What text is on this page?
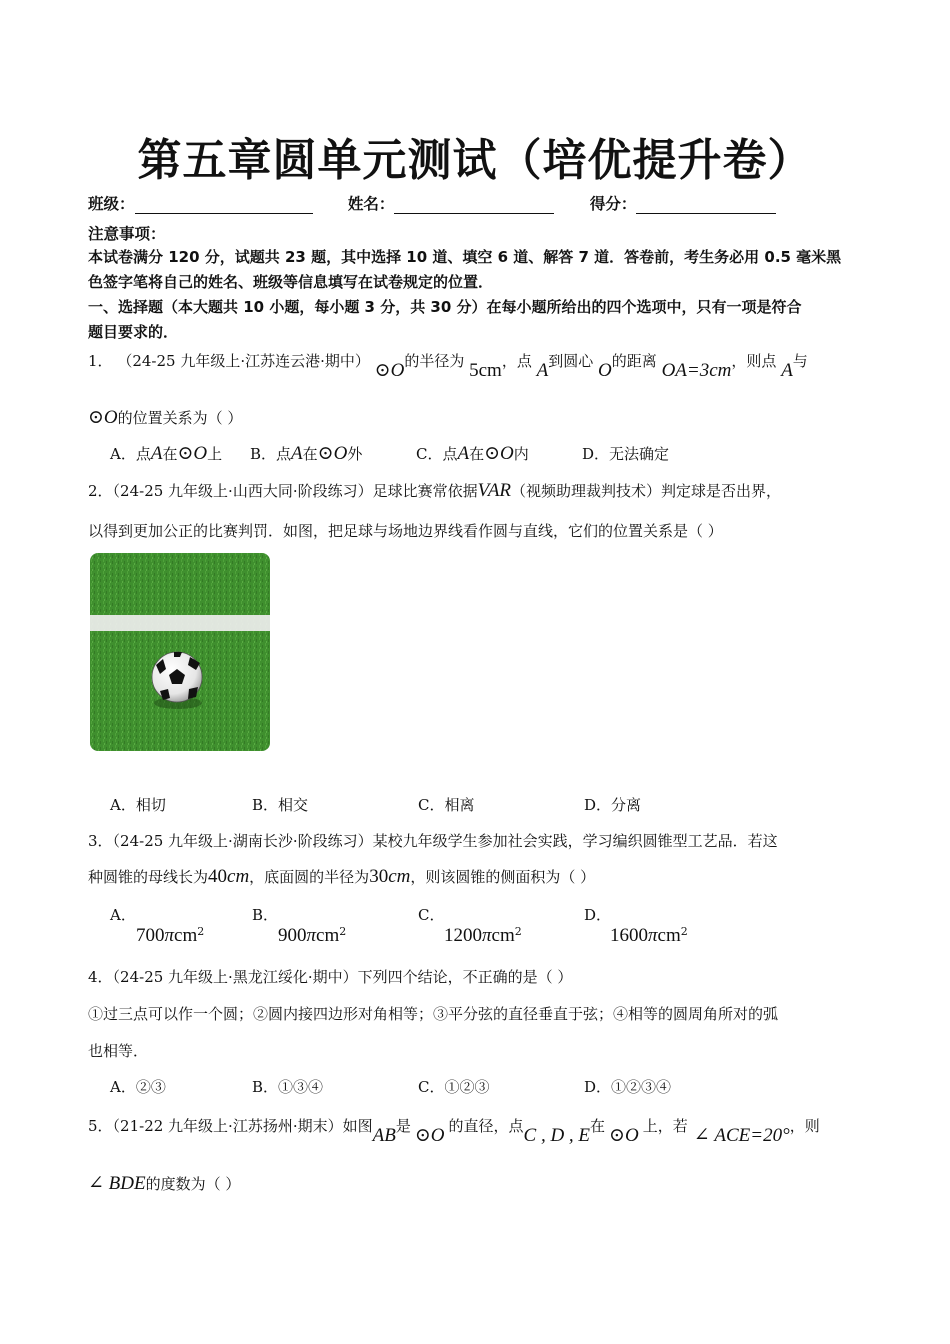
第五章圆单元测试（培优提升卷）
班级：	姓名：	得分：
注意事项：
本试卷满分 120 分，试题共 23 题，其中选择 10 道、填空 6 道、解答 7 道．答卷前，考生务必用 0.5 毫米黑
色签字笔将自己的姓名、班级等信息填写在试卷规定的位置．
一、选择题（本大题共 10 小题，每小题 3 分，共 30 分）在每小题所给出的四个选项中，只有一项是符合
题目要求的．
1． （24-25 九年级上·江苏连云港·期中） ⊙O的半径为 5cm，点 A到圆心 O的距离 OA=3cm，则点 A与
⊙O的位置关系为（ ）
A．点A在⊙O上 B．点A在⊙O外	C．点A在⊙O内	D．无法确定
2．（24-25 九年级上·山西大同·阶段练习）足球比赛常依据VAR（视频助理裁判技术）判定球是否出界，
以得到更加公正的比赛判罚．如图，把足球与场地边界线看作圆与直线，它们的位置关系是（ ）
A．相切	B．相交	C．相离	D．分离
3．（24-25 九年级上·湖南长沙·阶段练习）某校九年级学生参加社会实践，学习编织圆锥型工艺品．若这
种圆锥的母线长为40cm，底面圆的半径为30cm，则该圆锥的侧面积为（ ）
A．
700πcm$^2$B．
900πcm$^2$C．
1200πcm$^2$D．
1600πcm$^2$
4．（24-25 九年级上·黑龙江绥化·期中）下列四个结论，不正确的是（ ）
①过三点可以作一个圆；②圆内接四边形对角相等；③平分弦的直径垂直于弦；④相等的圆周角所对的弧
也相等．
A．②③	B．①③④	C．①②③	D．①②③④
5．（21-22 九年级上·江苏扬州·期末）如图AB是 ⊙O 的直径，点C , D , E在 ⊙O 上，若 ∠ ACE=20°，则
∠ BDE的度数为（ ）
